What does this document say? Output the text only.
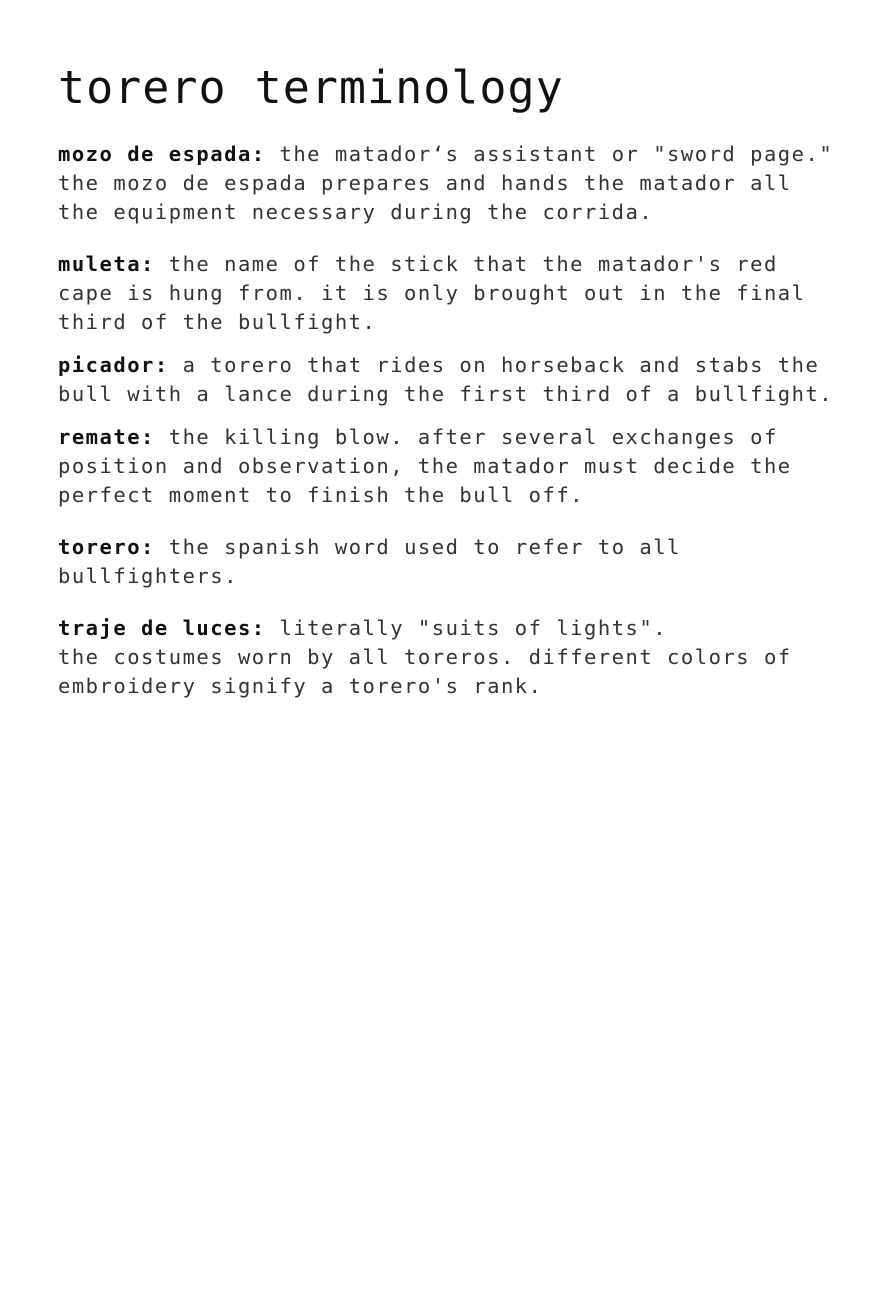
torero terminology

mozo de espada: the matador‘s assistant or "sword page."
the mozo de espada prepares and hands the matador all
the equipment necessary during the corrida.

muleta: the name of the stick that the matador's red
cape is hung from. it is only brought out in the final
third of the bullfight.

picador: a torero that rides on horseback and stabs the
bull with a lance during the first third of a bullfight.

remate: the killing blow. after several exchanges of
position and observation, the matador must decide the
perfect moment to finish the bull off.

torero: the spanish word used to refer to all
bullfighters.

traje de luces: literally "suits of lights".
the costumes worn by all toreros. different colors of
embroidery signify a torero's rank.
